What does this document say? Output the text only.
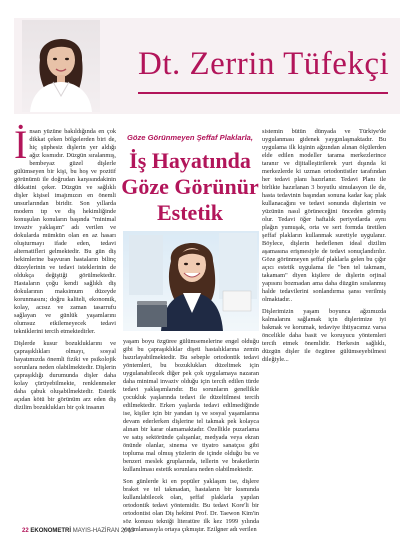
Dt. Zerrin Tüfekçi
İ nsan yüzüne bakıldığında en çok dikkat çeken bölgelerden biri de, hiç şüphesiz dişlerin yer aldığı ağız kısmıdır. Düzgün sıralanmış, bembeyaz güzel dişlerle gülümseyen bir kişi, bu hoş ve pozitif görünümü ile doğrudan karşısındakinin dikkatini çeker. Düzgün ve sağlıklı dişler kişisel imajımızın en önemli unsurlarından biridir. Son yıllarda modern tıp ve diş hekimliğinde konuşulan konuların başında "minimal invaziv yaklaşım" adı verilen ve dokularda mümkün olan en az hasarı oluşturmayı ifade eden, tedavi alternatifleri gelmektedir. Bu gün diş hekimlerine başvuran hastaların bilinç düzeylerinin ve tedavi isteklerinin de oldukça değiştiği görülmektedir. Hastaların çoğu kendi sağlıklı diş dokularının maksimum düzeyde korunmasını; doğru kaliteli, ekonomik, kolay, acısız ve zaman tasarrufu sağlayan ve günlük yaşamlarını olumsuz etkilemeyecek tedavi tekniklerini tercih etmektedirler.

Dişlerde kusur bozukluklarını ve çapraşıklıkları olmayı, sosyal hayatımızda önemli fiziki ve psikolojik sorunlara neden olabilmektedir. Dişlerin çapraşıklığı durumunda dişler daha kolay çürüyebilmekte, renklenmeler daha çabuk oluşabilmektedir. Estetik açıdan kötü bir görünüm arz eden diş dizilim bozuklukları bir çok insanın

Göze Görünmeyen Şeffaf Plaklarla,
İş Hayatında
Göze Görünür
Estetik

yaşam boyu özgüree gülümsemelerine engel olduğu gibi bu çapraşıklıklar dişeti hastalıklarına zemin hazırlayabilmektedir. Bu sebeple ortodontik tedavi yöntemleri, bu bozuklukları düzeltmek için uygulanabilecek diğer pek çok uygulamaya nazaran daha minimal invaziv olduğu için tercih edilen türde tedavi yaklaşımlarıdır. Bu sorunların genellikle çocukluk yaşlarında tedavi ile düzeltilmesi tercih edilmektedir. Erken yaşlarda tedavi edilmediğinde ise, kişiler için bir yandan iş ve sosyal yaşamlarına devam ederlerken dişlerine tel takmak pek kolayca alınan bir karar olamamaktadır. Özellikle puzarlama ve satış sektöründe çalışanlar, medyada veya ekran önünde olanlar, sinema ve tiyatro sanatçısı gibi topluma mal olmuş yüzlerin de içinde olduğu bu ve benzeri meslek gruplarında, tellerin ve braketlerin kullanılması estetik sorunlara neden olabilmektedir.

Son günlerde ki en popüler yaklaşım ise, dişlere braket ve tel takmadan, hastaların bir kısmında kullanılabilecek olan, şeffaf plaklarla yapılan ortodontik tedavi yöntemidir. Bu tedavi Kore'li bir ortodontist olan Diş hekimi Prof. Dr. Taewon Kim'in söz konusu tekniği literatüre ilk kez 1999 yılında yayımlamasıyla ortaya çıkmıştır. Ezilgner adı verilen

sistemin bütün dünyada ve Türkiye'de uygulanması gidenek yaygınlaşmaktadır. Bu uygulama ilk kişinin ağzından alınan ölçülerden elde edilen modeller tarama merkezlerince taranır ve dijitalleştirilerek yurt dışında ki merkezlerde ki uzman ortodontistler tarafından her tedavi planı hazırlanır. Tedavi Planı ile birlikte hazırlanan 3 boyutlu simulasyon ile de, hasta tedavinin başından sonuna kadar kaç plak kullanacağını ve tedavi sonunda dişlerinin ve yüzünün nasıl görüneceğini önceden görmüş olur. Tedavi öğer haftalık periyotlarda aynı plağın yumuşak, orta ve sert formda üretilen şeffaf plakların kullanmak suretiyle uygulanır. Böylece, dişlerin hedeflenen ideal dizilim aşamasına erişmesiyle de tedavi sonuçlandırılır. Göze görünmeyen şeffaf plaklarla gelen bu çığır açıcı estetik uygulama ile "ben tel takmam, takamam" diyen kişilere de dişlerin orjinal yapısını bozmadan ama daha düzgün sıralanmış halde tedavilerini sonlandırma şansı verilmiş olmaktadır..

Dişlerimizin yaşam boyunca ağzımızda kalmalarını sağlamak için dişlerimize iyi bakmak ve korumak, tedaviye ihtiyacımız varsa öncelikle daha basit ve koruyucu yöntemleri tercih etmek önemlidir. Herkesin sağlıklı, düzgün dişler ile özgüree gülümseyebilmesi dileğiyle...

22 EKONOMETRİ MAYIS-HAZİRAN 2013
